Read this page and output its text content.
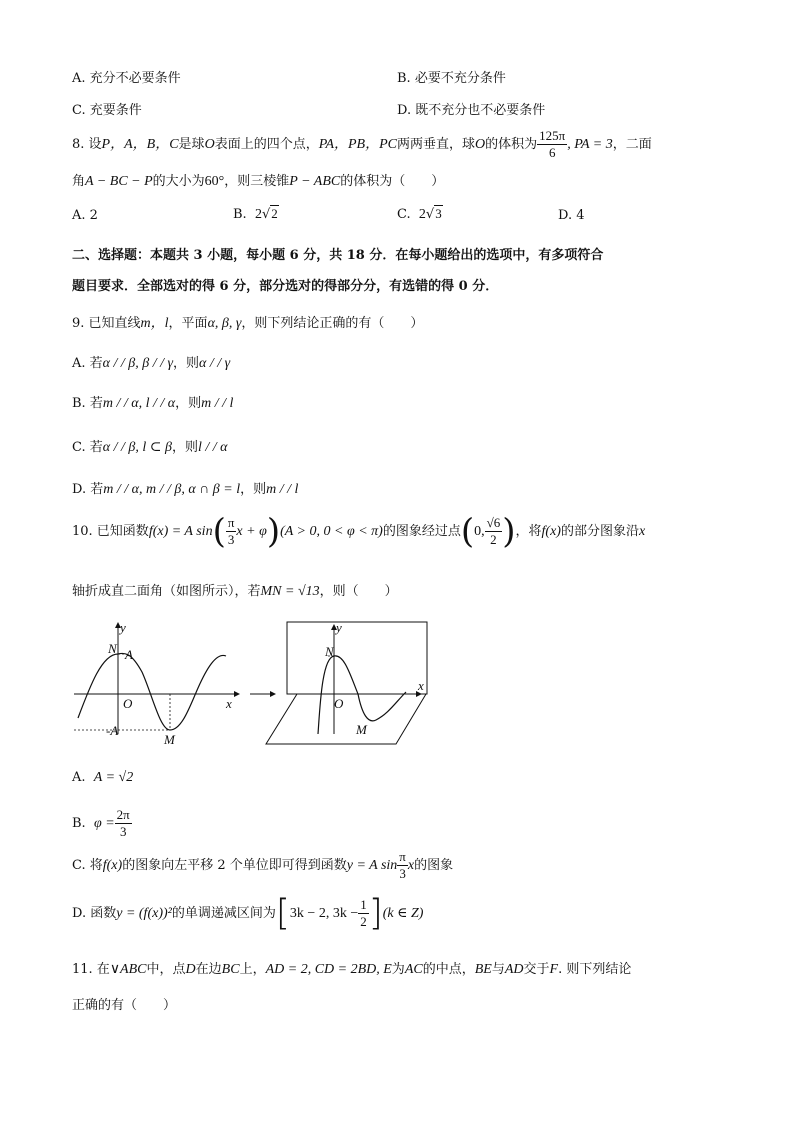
A. 充分不必要条件	B. 必要不充分条件
C. 充要条件	D. 既不充分也不必要条件
8. 设P，A，B，C是球O表面上的四个点，PA，PB，PC两两垂直，球O的体积为 $\frac{125\pi}{6}$ , PA = 3，二面
角A − BC − P的大小为60°，则三棱锥P − ABC的体积为（　　）
A. 2	B. 2√2	C. 2√3	D. 4
二、选择题：本题共 3 小题，每小题 6 分，共 18 分．在每小题给出的选项中，有多项符合
题目要求．全部选对的得 6 分，部分选对的得部分分，有选错的得 0 分．
9. 已知直线m，l，平面α, β, γ，则下列结论正确的有（　　）
A. 若α / / β, β / / γ，则α / / γ
B. 若m / / α, l / / α，则m / / l
C. 若α / / β, l ⊂ β，则l / / α
D. 若m / / α, m / / β, α ∩ β = l，则m / / l
10. 已知函数f(x) = A $\sin( \frac{\pi}{3}$ x + φ)(A > 0, 0 < φ < π)的图象经过点(0, $\frac{√6}{2}$ )，将f(x)的部分图象沿x
轴折成直二面角（如图所示），若MN = √13，则（　　）
y
x
N A
O
-A
M
y
x
N
O
M
A. A = √2
B. $\varphi = \frac{2\pi}{3}$
C. 将f(x)的图象向左平移 2 个单位即可得到函数y = A $\sin \frac{\pi}{3}$ x的图象
D. 函数y = (f(x))²的单调递减区间为[3k − 2, $3k - \frac{1}{2} ](k$ ∈ Z)
11. 在∨ABC中，点D在边BC上，AD = 2, CD = 2BD, E为AC的中点，BE与AD交于F. 则下列结论
正确的有（　　）
